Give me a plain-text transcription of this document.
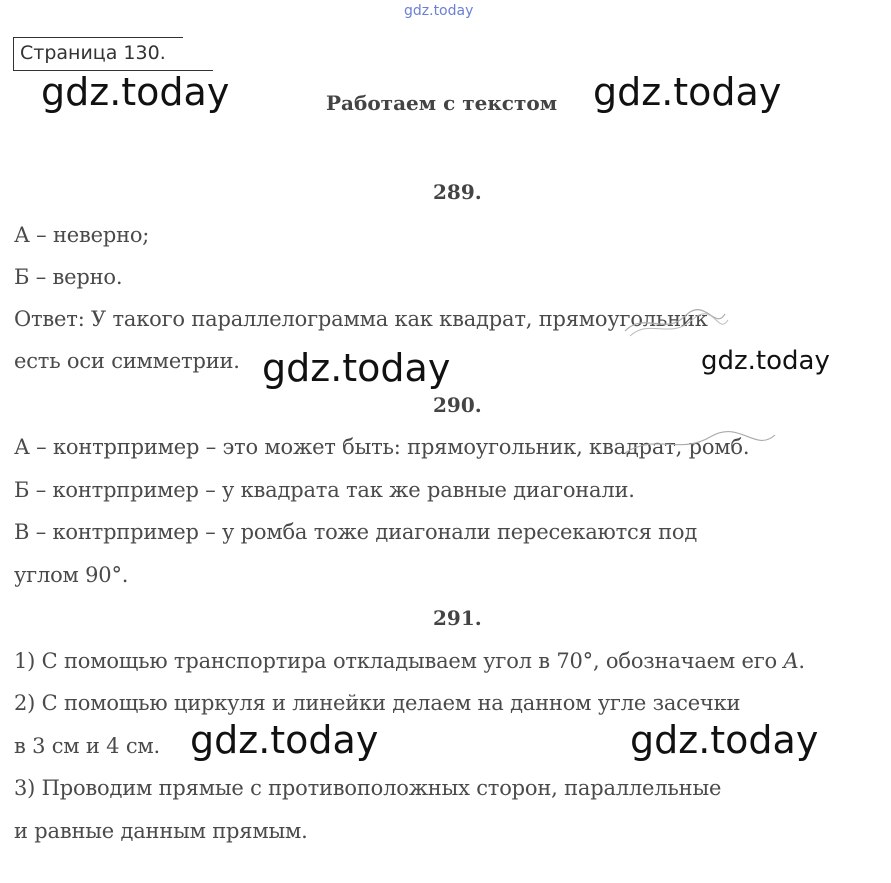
gdz.today
Страница 130.
Работаем с текстом
289.
А – неверно;
Б – верно.
Ответ: У такого параллелограмма как квадрат, прямоугольник
есть оси симметрии.
290.
А – контрпример – это может быть: прямоугольник, квадрат, ромб.
Б – контрпример – у квадрата так же равные диагонали.
В – контрпример – у ромба тоже диагонали пересекаются под
углом 90°.
291.
1) С помощью транспортира откладываем угол в 70°, обозначаем его A.
2) С помощью циркуля и линейки делаем на данном угле засечки
в 3 см и 4 см.
3) Проводим прямые с противоположных сторон, параллельные
и равные данным прямым.
gdz.today	gdz.today
gdz.today	gdz.today
gdz.today	gdz.today
